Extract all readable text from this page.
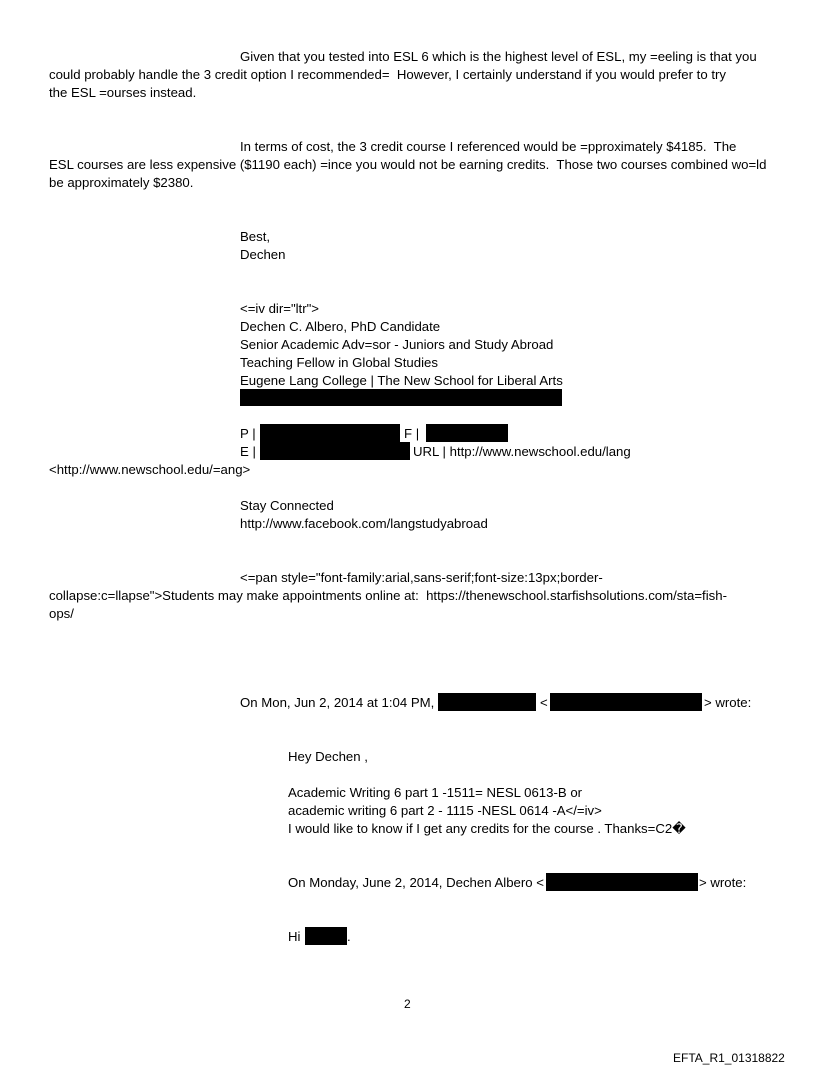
Given that you tested into ESL 6 which is the highest level of ESL, my =eeling is that you
could probably handle the 3 credit option I recommended=  However, I certainly understand if you would prefer to try
the ESL =ourses instead.
In terms of cost, the 3 credit course I referenced would be =pproximately $4185.  The
ESL courses are less expensive ($1190 each) =ince you would not be earning credits.  Those two courses combined wo=ld
be approximately $2380.
Best,
Dechen
<=iv dir="ltr">
Dechen C. Albero, PhD Candidate
Senior Academic Adv=sor - Juniors and Study Abroad
Teaching Fellow in Global Studies
Eugene Lang College | The New School for Liberal Arts
P |	F |
E |	URL | http://www.newschool.edu/lang
<http://www.newschool.edu/=ang>
Stay Connected
http://www.facebook.com/langstudyabroad
<=pan style="font-family:arial,sans-serif;font-size:13px;border-
collapse:c=llapse">Students may make appointments online at:  https://thenewschool.starfishsolutions.com/sta=fish-
ops/
On Mon, Jun 2, 2014 at 1:04 PM,	<	> wrote:
Hey Dechen ,
Academic Writing 6 part 1 -1511= NESL 0613-B or
academic writing 6 part 2 - 1115 -NESL 0614 -A</=iv>
I would like to know if I get any credits for the course . Thanks=C2�
On Monday, June 2, 2014, Dechen Albero <	> wrote:
Hi	.
2
EFTA_R1_01318822
